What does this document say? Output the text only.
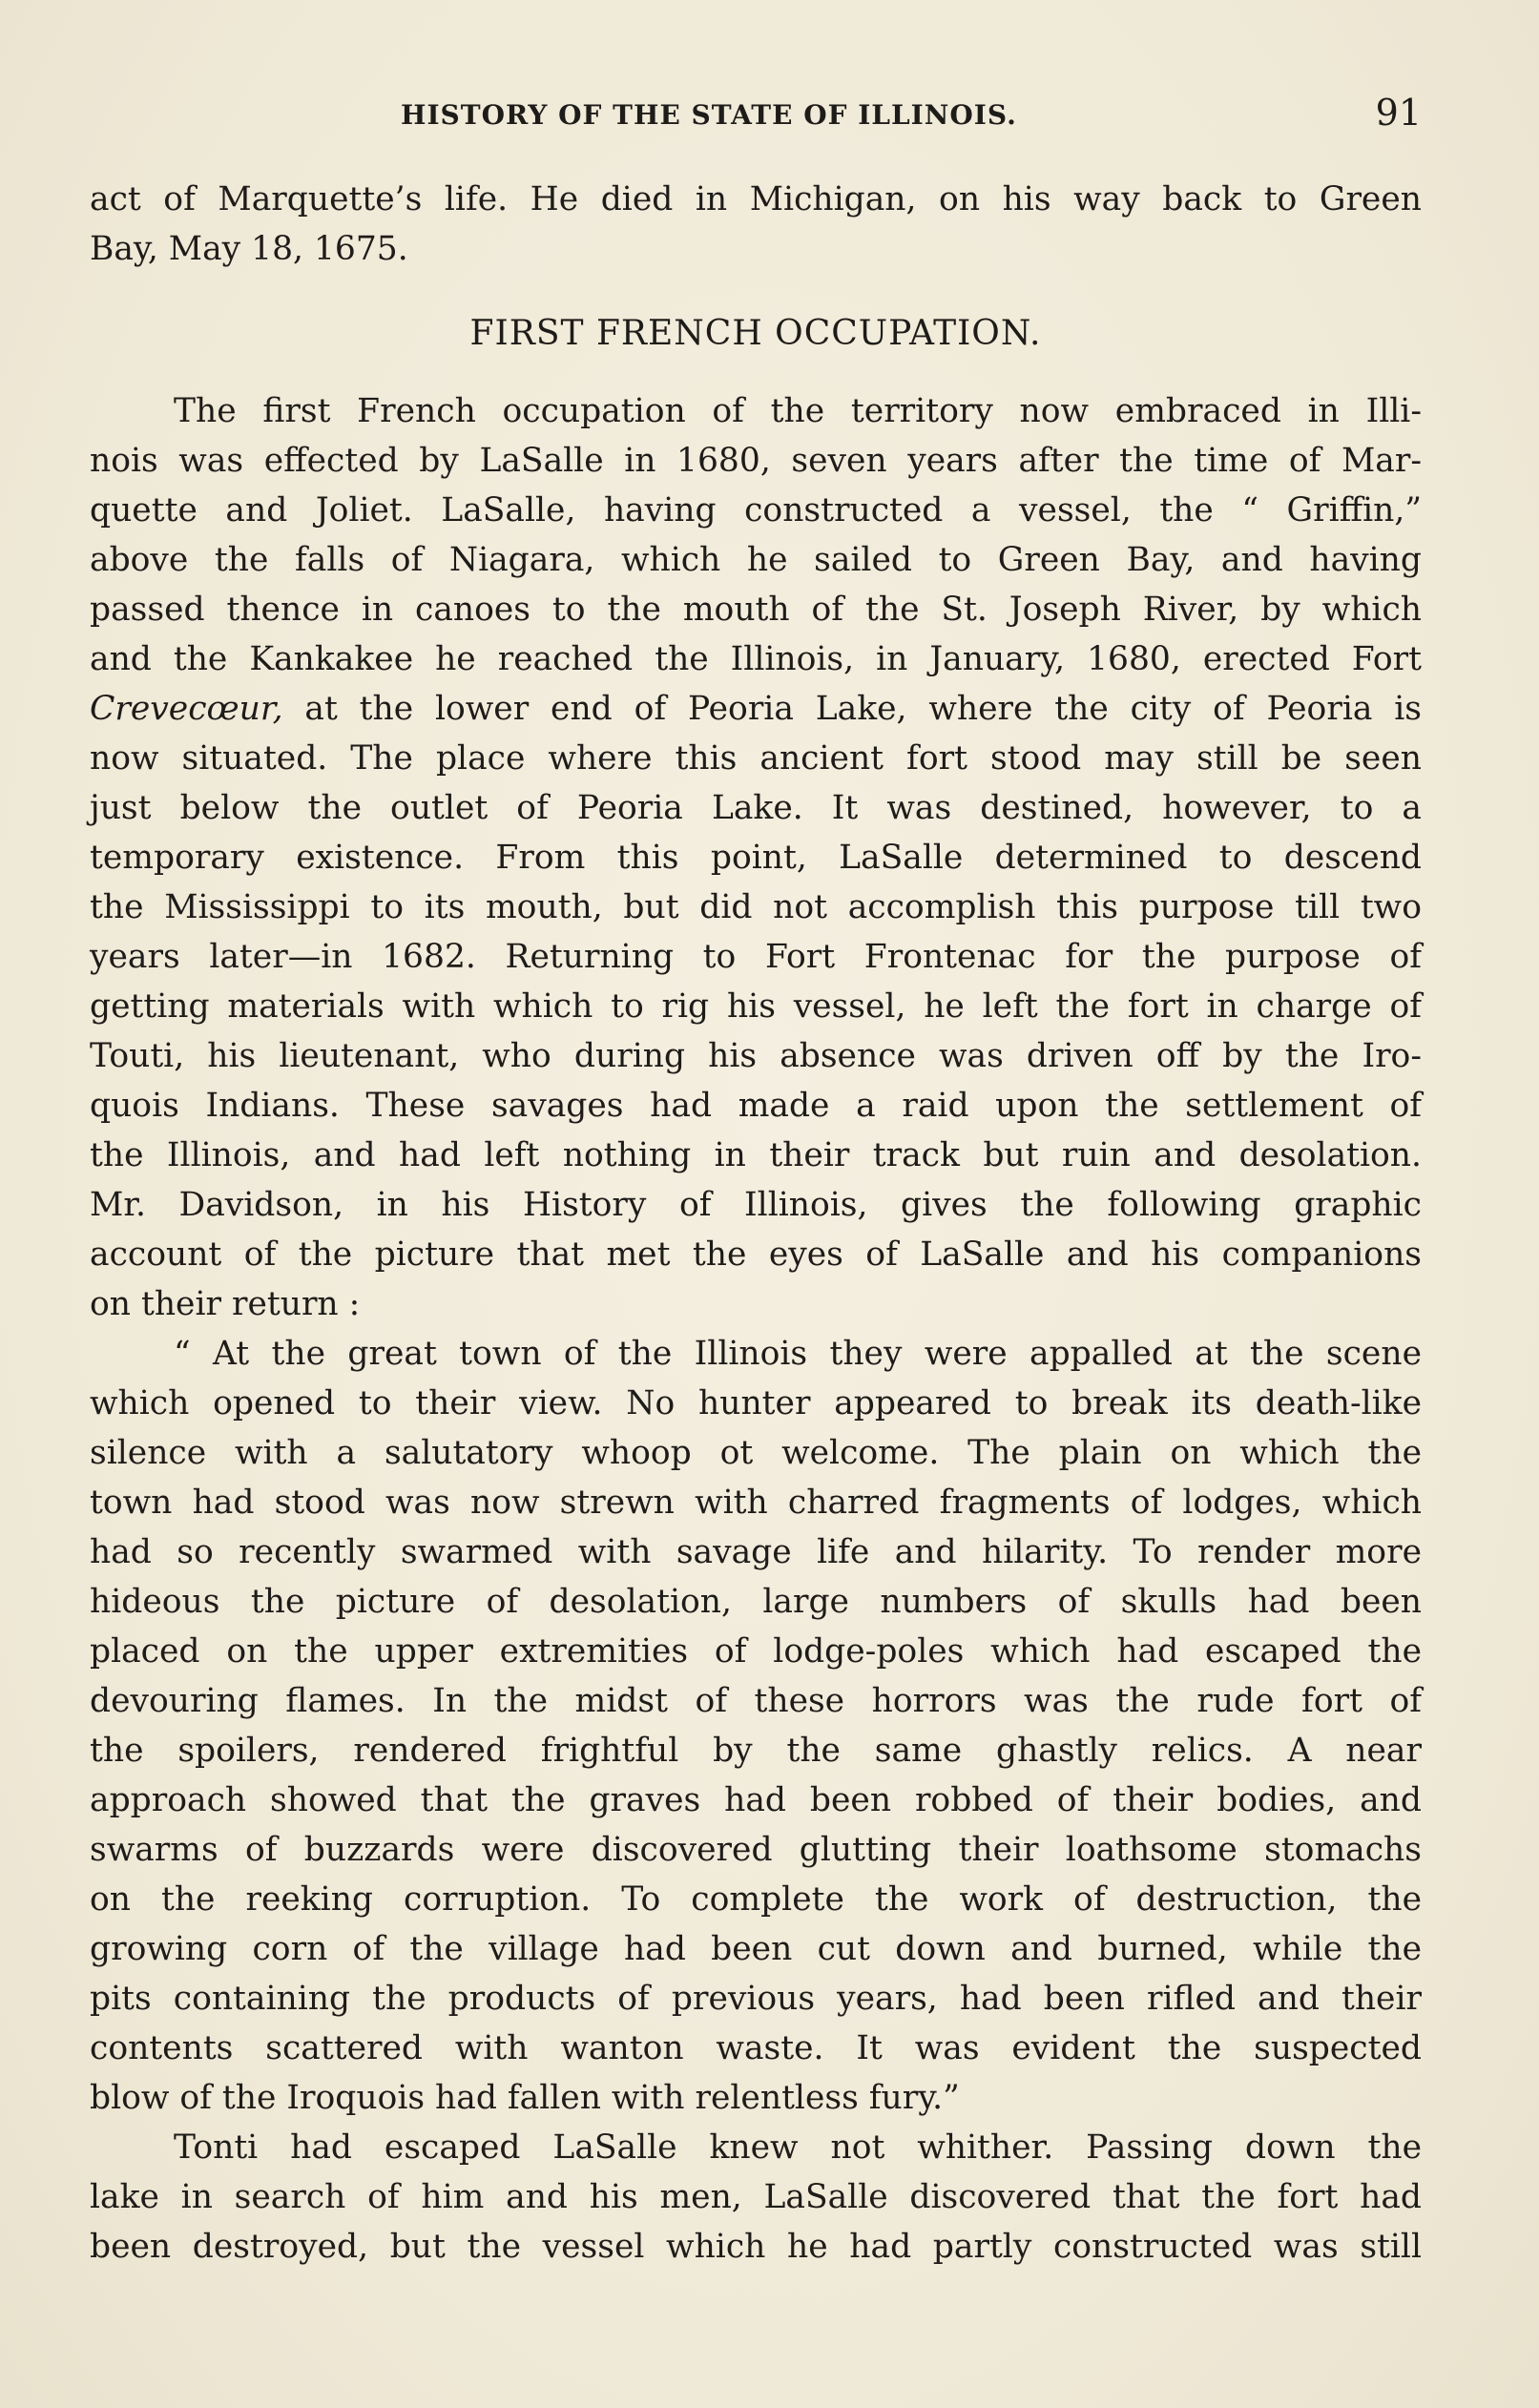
HISTORY OF THE STATE OF ILLINOIS.	91
act of Marquette’s life. He died in Michigan, on his way back to Green
Bay, May 18, 1675.
FIRST FRENCH OCCUPATION.
The first French occupation of the territory now embraced in Illi-
nois was effected by LaSalle in 1680, seven years after the time of Mar-
quette and Joliet. LaSalle, having constructed a vessel, the “ Griffin,”
above the falls of Niagara, which he sailed to Green Bay, and having
passed thence in canoes to the mouth of the St. Joseph River, by which
and the Kankakee he reached the Illinois, in January, 1680, erected Fort
Crevecœur, at the lower end of Peoria Lake, where the city of Peoria is
now situated. The place where this ancient fort stood may still be seen
just below the outlet of Peoria Lake. It was destined, however, to a
temporary existence. From this point, LaSalle determined to descend
the Mississippi to its mouth, but did not accomplish this purpose till two
years later—in 1682. Returning to Fort Frontenac for the purpose of
getting materials with which to rig his vessel, he left the fort in charge of
Touti, his lieutenant, who during his absence was driven off by the Iro-
quois Indians. These savages had made a raid upon the settlement of
the Illinois, and had left nothing in their track but ruin and desolation.
Mr. Davidson, in his History of Illinois, gives the following graphic
account of the picture that met the eyes of LaSalle and his companions
on their return :
“ At the great town of the Illinois they were appalled at the scene
which opened to their view. No hunter appeared to break its death-like
silence with a salutatory whoop ot welcome. The plain on which the
town had stood was now strewn with charred fragments of lodges, which
had so recently swarmed with savage life and hilarity. To render more
hideous the picture of desolation, large numbers of skulls had been
placed on the upper extremities of lodge-poles which had escaped the
devouring flames. In the midst of these horrors was the rude fort of
the spoilers, rendered frightful by the same ghastly relics. A near
approach showed that the graves had been robbed of their bodies, and
swarms of buzzards were discovered glutting their loathsome stomachs
on the reeking corruption. To complete the work of destruction, the
growing corn of the village had been cut down and burned, while the
pits containing the products of previous years, had been rifled and their
contents scattered with wanton waste. It was evident the suspected
blow of the Iroquois had fallen with relentless fury.”
Tonti had escaped LaSalle knew not whither. Passing down the
lake in search of him and his men, LaSalle discovered that the fort had
been destroyed, but the vessel which he had partly constructed was still
